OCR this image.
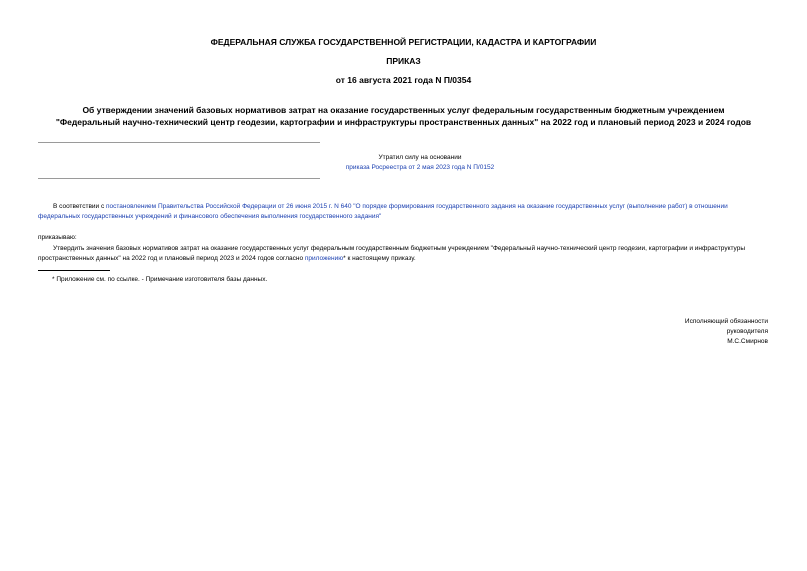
ФЕДЕРАЛЬНАЯ СЛУЖБА ГОСУДАРСТВЕННОЙ РЕГИСТРАЦИИ, КАДАСТРА И КАРТОГРАФИИ
ПРИКАЗ
от 16 августа 2021 года N П/0354
Об утверждении значений базовых нормативов затрат на оказание государственных услуг федеральным государственным бюджетным учреждением
"Федеральный научно-технический центр геодезии, картографии и инфраструктуры пространственных данных" на 2022 год и плановый период 2023 и 2024 годов
Утратил силу на основании
приказа Росреестра от 2 мая 2023 года N П/0152
В соответствии с постановлением Правительства Российской Федерации от 26 июня 2015 г. N 640 "О порядке формирования государственного задания на оказание государственных услуг (выполнение работ) в отношении федеральных государственных учреждений и финансового обеспечения выполнения государственного задания"
приказываю:
Утвердить значения базовых нормативов затрат на оказание государственных услуг федеральным государственным бюджетным учреждением "Федеральный научно-технический центр геодезии, картографии и инфраструктуры пространственных данных" на 2022 год и плановый период 2023 и 2024 годов согласно приложению* к настоящему приказу.
* Приложение см. по ссылке. - Примечание изготовителя базы данных.
Исполняющий обязанности
руководителя
М.С.Смирнов
